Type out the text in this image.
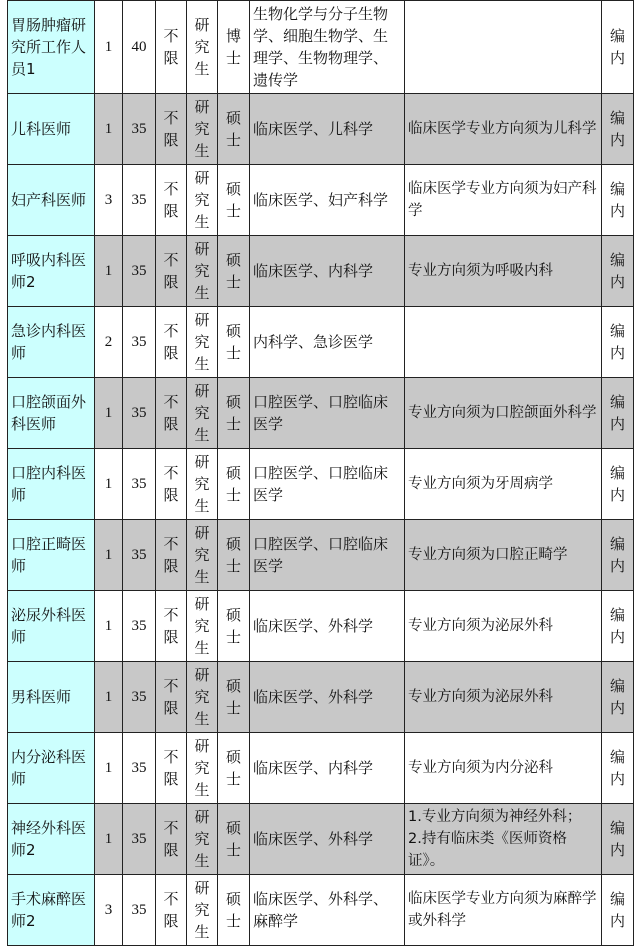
胃肠肿瘤研究所工作人员1	1	40	不
限	研
究
生	博
士	生物化学与分子生物学、细胞生物学、生理学、生物物理学、遗传学		编
内
儿科医师	1	35	不
限	研
究
生	硕
士	临床医学、儿科学	临床医学专业方向须为儿科学	编
内
妇产科医师	3	35	不
限	研
究
生	硕
士	临床医学、妇产科学	临床医学专业方向须为妇产科学	编
内
呼吸内科医师2	1	35	不
限	研
究
生	硕
士	临床医学、内科学	专业方向须为呼吸内科	编
内
急诊内科医师	2	35	不
限	研
究
生	硕
士	内科学、急诊医学		编
内
口腔颌面外科医师	1	35	不
限	研
究
生	硕
士	口腔医学、口腔临床医学	专业方向须为口腔颌面外科学	编
内
口腔内科医师	1	35	不
限	研
究
生	硕
士	口腔医学、口腔临床医学	专业方向须为牙周病学	编
内
口腔正畸医师	1	35	不
限	研
究
生	硕
士	口腔医学、口腔临床医学	专业方向须为口腔正畸学	编
内
泌尿外科医师	1	35	不
限	研
究
生	硕
士	临床医学、外科学	专业方向须为泌尿外科	编
内
男科医师	1	35	不
限	研
究
生	硕
士	临床医学、外科学	专业方向须为泌尿外科	编
内
内分泌科医师	1	35	不
限	研
究
生	硕
士	临床医学、内科学	专业方向须为内分泌科	编
内
神经外科医师2	1	35	不
限	研
究
生	硕
士	临床医学、外科学	1.专业方向须为神经外科；
2.持有临床类《医师资格证》。	编
内
手术麻醉医师2	3	35	不
限	研
究
生	硕
士	临床医学、外科学、麻醉学	临床医学专业方向须为麻醉学或外科学	编
内
